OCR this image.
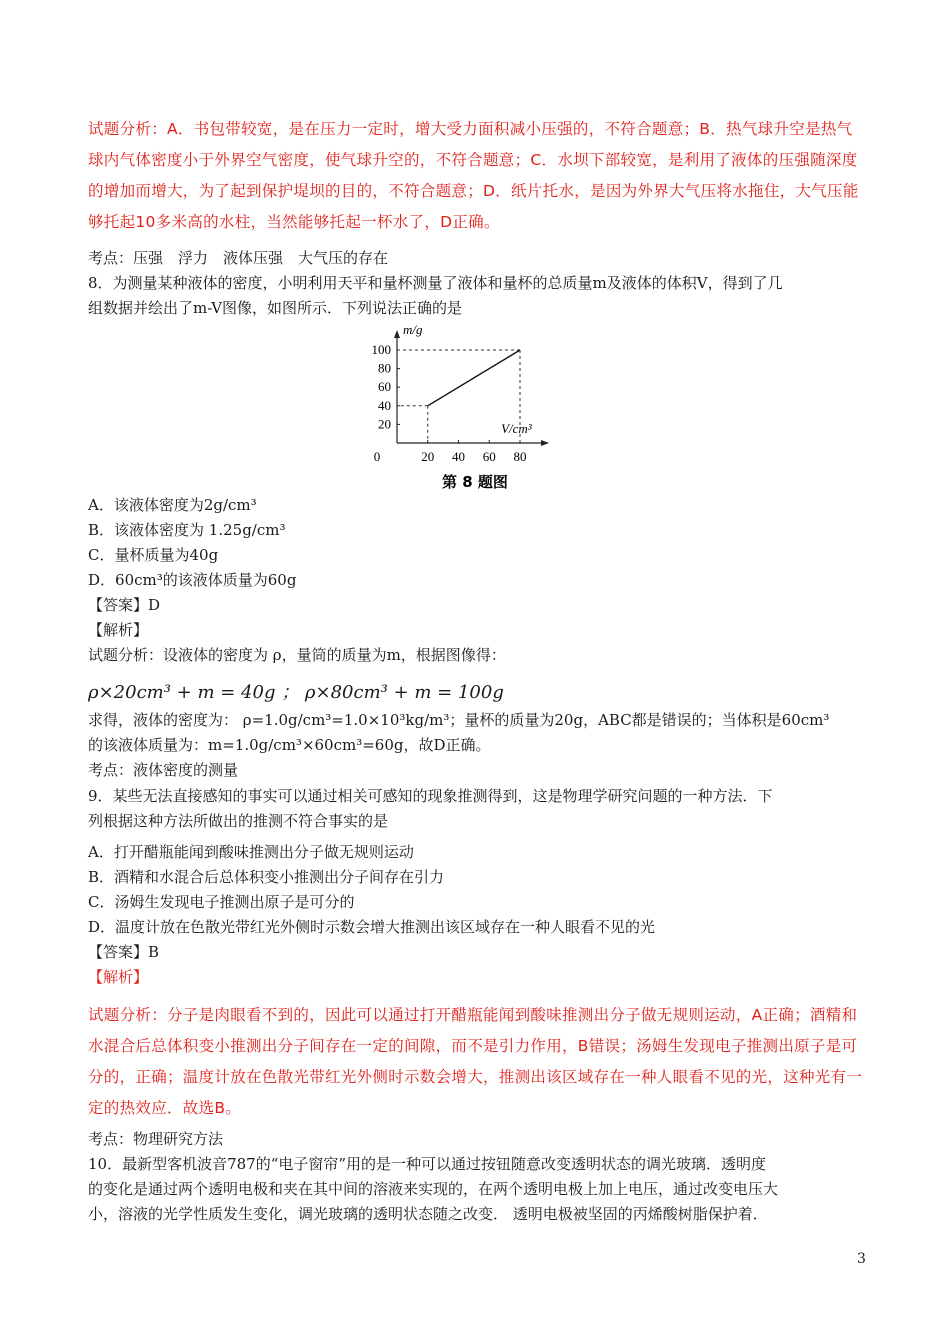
试题分析：A．书包带较宽，是在压力一定时，增大受力面积减小压强的，不符合题意；B．热气球升空是热气球内气体密度小于外界空气密度，使气球升空的，不符合题意；C．水坝下部较宽，是利用了液体的压强随深度的增加而增大，为了起到保护堤坝的目的，不符合题意；D．纸片托水，是因为外界大气压将水拖住，大气压能够托起10多米高的水柱，当然能够托起一杯水了，D正确。

考点：压强　浮力　液体压强　大气压的存在

8．为测量某种液体的密度，小明利用天平和量杯测量了液体和量杯的总质量m及液体的体积V，得到了几

组数据并绘出了m-V图像，如图所示．下列说法正确的是

m/g
V/cm³
0	20 40 60 80
20
40
60
80
100
第 8 题图

A．该液体密度为2g/cm³

B．该液体密度为 1.25g/cm³

C．量杯质量为40g

D．60cm³的该液体质量为60g

【答案】D

【解析】

试题分析：设液体的密度为 ρ，量筒的质量为m，根据图像得：

ρ×20cm³ + m = 40g ； ρ×80cm³ + m = 100g

求得，液体的密度为： ρ=1.0g/cm³=1.0×10³kg/m³；量杯的质量为20g，ABC都是错误的；当体积是60cm³

的该液体质量为：m=1.0g/cm³×60cm³=60g，故D正确。

考点：液体密度的测量

9．某些无法直接感知的事实可以通过相关可感知的现象推测得到，这是物理学研究问题的一种方法．下

列根据这种方法所做出的推测不符合事实的是

A．打开醋瓶能闻到酸味推测出分子做无规则运动

B．酒精和水混合后总体积变小推测出分子间存在引力

C．汤姆生发现电子推测出原子是可分的

D．温度计放在色散光带红光外侧时示数会增大推测出该区域存在一种人眼看不见的光

【答案】B

【解析】

试题分析：分子是肉眼看不到的，因此可以通过打开醋瓶能闻到酸味推测出分子做无规则运动，A正确；酒精和水混合后总体积变小推测出分子间存在一定的间隙，而不是引力作用，B错误；汤姆生发现电子推测出原子是可分的，正确；温度计放在色散光带红光外侧时示数会增大，推测出该区域存在一种人眼看不见的光，这种光有一定的热效应．故选B。

考点：物理研究方法

10．最新型客机波音787的“电子窗帘”用的是一种可以通过按钮随意改变透明状态的调光玻璃．透明度

的变化是通过两个透明电极和夹在其中间的溶液来实现的，在两个透明电极上加上电压，通过改变电压大

小，溶液的光学性质发生变化，调光玻璃的透明状态随之改变． 透明电极被坚固的丙烯酸树脂保护着．

3
